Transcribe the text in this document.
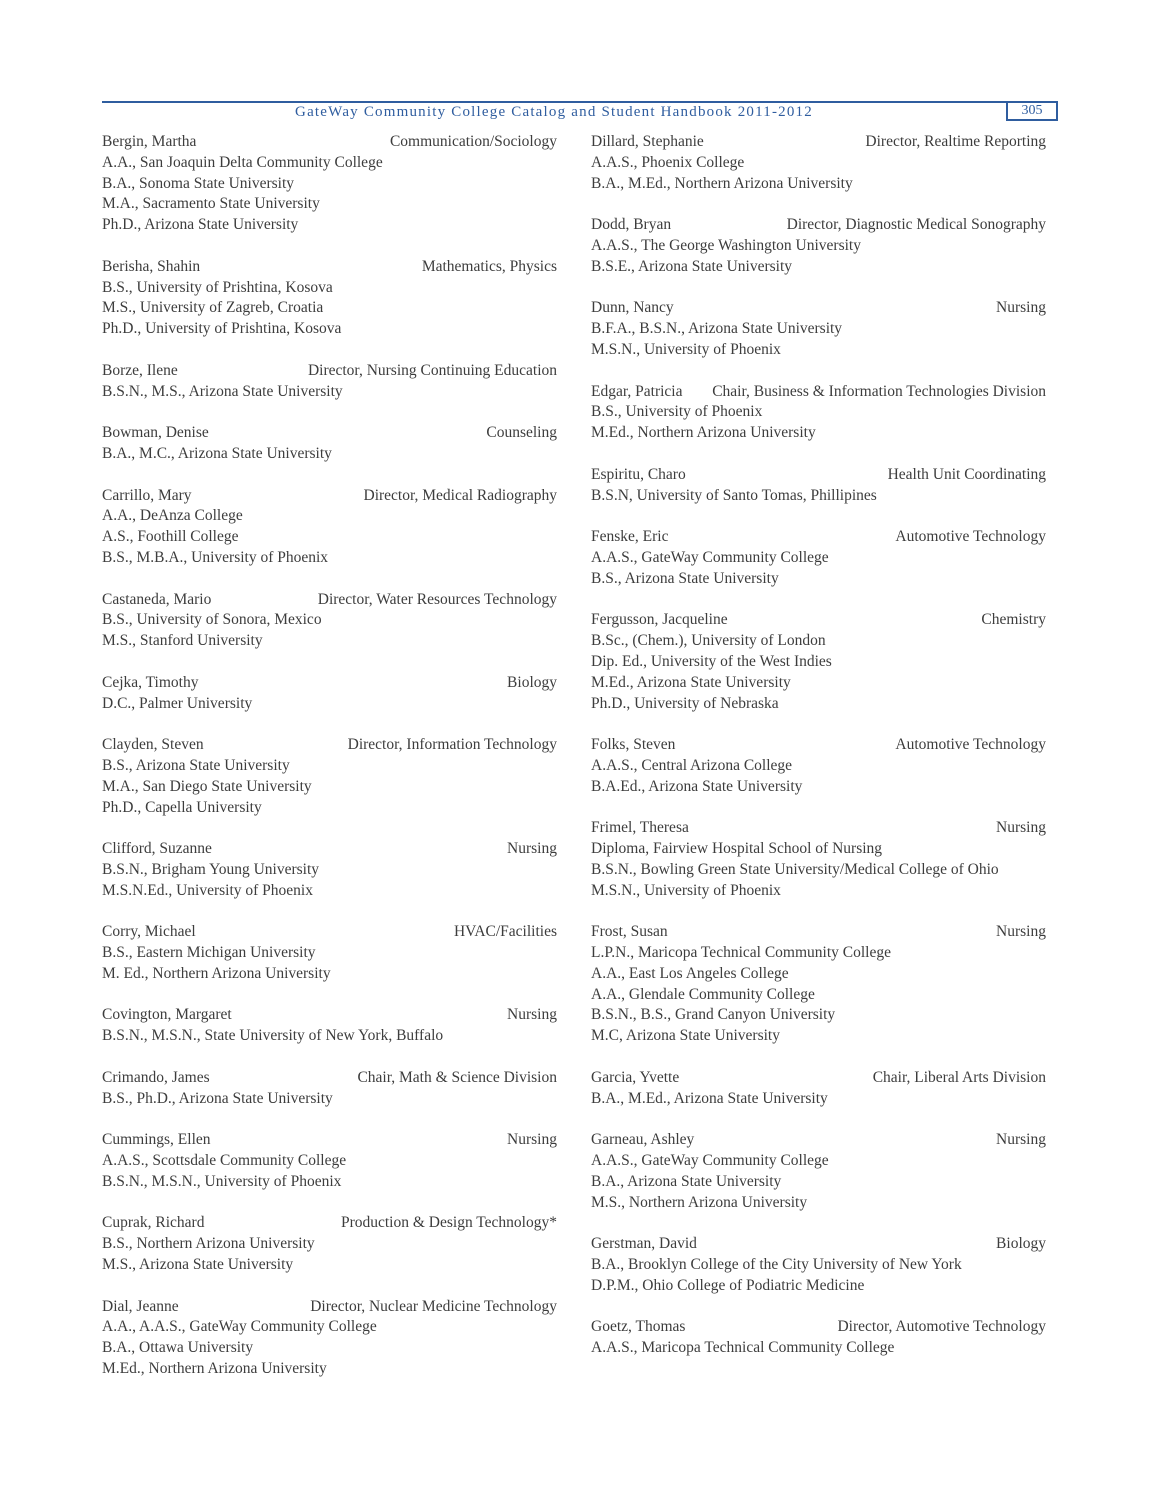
GateWay Community College Catalog and Student Handbook 2011-2012	305
Bergin, Martha	Communication/Sociology
A.A., San Joaquin Delta Community College
B.A., Sonoma State University
M.A., Sacramento State University
Ph.D., Arizona State University
Berisha, Shahin	Mathematics, Physics
B.S., University of Prishtina, Kosova
M.S., University of Zagreb, Croatia
Ph.D., University of Prishtina, Kosova
Borze, Ilene	Director, Nursing Continuing Education
B.S.N., M.S., Arizona State University
Bowman, Denise	Counseling
B.A., M.C., Arizona State University
Carrillo, Mary	Director, Medical Radiography
A.A., DeAnza College
A.S., Foothill College
B.S., M.B.A., University of Phoenix
Castaneda, Mario	Director, Water Resources Technology
B.S., University of Sonora, Mexico
M.S., Stanford University
Cejka, Timothy	Biology
D.C., Palmer University
Clayden, Steven	Director, Information Technology
B.S., Arizona State University
M.A., San Diego State University
Ph.D., Capella University
Clifford, Suzanne	Nursing
B.S.N., Brigham Young University
M.S.N.Ed., University of Phoenix
Corry, Michael	HVAC/Facilities
B.S., Eastern Michigan University
M. Ed., Northern Arizona University
Covington, Margaret	Nursing
B.S.N., M.S.N., State University of New York, Buffalo
Crimando, James	Chair, Math & Science Division
B.S., Ph.D., Arizona State University
Cummings, Ellen	Nursing
A.A.S., Scottsdale Community College
B.S.N., M.S.N., University of Phoenix
Cuprak, Richard	Production & Design Technology*
B.S., Northern Arizona University
M.S., Arizona State University
Dial, Jeanne	Director, Nuclear Medicine Technology
A.A., A.A.S., GateWay Community College
B.A., Ottawa University
M.Ed., Northern Arizona University
Dillard, Stephanie	Director, Realtime Reporting
A.A.S., Phoenix College
B.A., M.Ed., Northern Arizona University
Dodd, Bryan	Director, Diagnostic Medical Sonography
A.A.S., The George Washington University
B.S.E., Arizona State University
Dunn, Nancy	Nursing
B.F.A., B.S.N., Arizona State University
M.S.N., University of Phoenix
Edgar, Patricia Chair, Business & Information Technologies Division
B.S., University of Phoenix
M.Ed., Northern Arizona University
Espiritu, Charo	Health Unit Coordinating
B.S.N, University of Santo Tomas, Phillipines
Fenske, Eric	Automotive Technology
A.A.S., GateWay Community College
B.S., Arizona State University
Fergusson, Jacqueline	Chemistry
B.Sc., (Chem.), University of London
Dip. Ed., University of the West Indies
M.Ed., Arizona State University
Ph.D., University of Nebraska
Folks, Steven	Automotive Technology
A.A.S., Central Arizona College
B.A.Ed., Arizona State University
Frimel, Theresa	Nursing
Diploma, Fairview Hospital School of Nursing
B.S.N., Bowling Green State University/Medical College of Ohio
M.S.N., University of Phoenix
Frost, Susan	Nursing
L.P.N., Maricopa Technical Community College
A.A., East Los Angeles College
A.A., Glendale Community College
B.S.N., B.S., Grand Canyon University
M.C, Arizona State University
Garcia, Yvette	Chair, Liberal Arts Division
B.A., M.Ed., Arizona State University
Garneau, Ashley	Nursing
A.A.S., GateWay Community College
B.A., Arizona State University
M.S., Northern Arizona University
Gerstman, David	Biology
B.A., Brooklyn College of the City University of New York
D.P.M., Ohio College of Podiatric Medicine
Goetz, Thomas	Director, Automotive Technology
A.A.S., Maricopa Technical Community College
